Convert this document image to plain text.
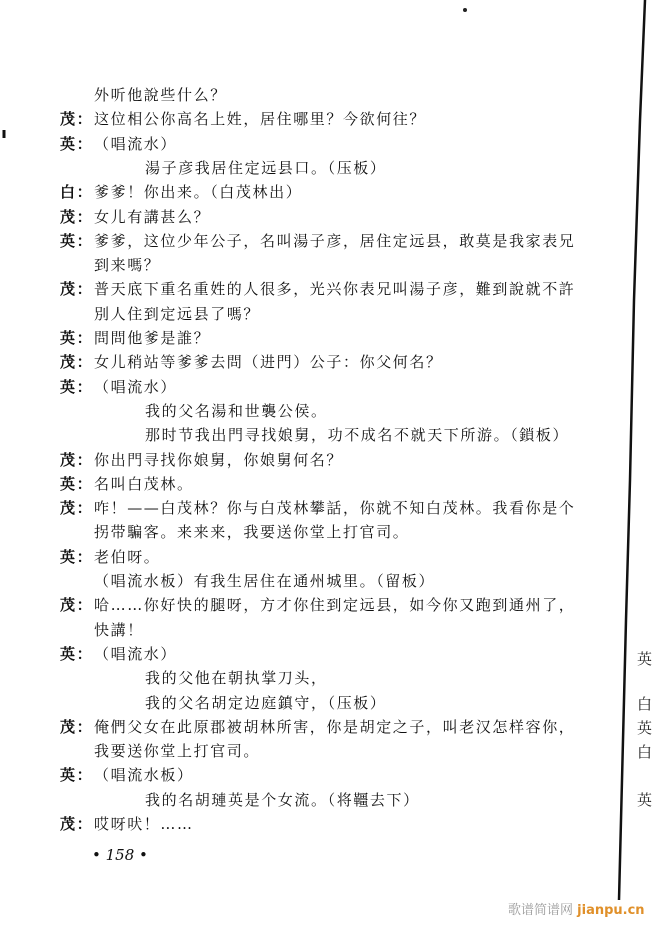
外听他說些什么？
茂： 这位相公你高名上姓，居住哪里？今欲何往？
英： （唱流水）
湯子彦我居住定远县口。（压板）
白： 爹爹！你出来。（白茂林出）
茂： 女儿有講甚么？
英： 爹爹，这位少年公子，名叫湯子彦，居住定远县，敢莫是我家表兄
到来嗎？
茂： 普天底下重名重姓的人很多，光兴你表兄叫湯子彦，難到說就不許
別人住到定远县了嗎？
英： 問問他爹是誰？
茂： 女儿稍站等爹爹去問（进門）公子：你父何名？
英： （唱流水）
我的父名湯和世襲公侯。
那时节我出門寻找娘舅，功不成名不就天下所游。（鎖板）
茂： 你出門寻找你娘舅，你娘舅何名？
英： 名叫白茂林。
茂： 咋！——白茂林？你与白茂林攀話，你就不知白茂林。我看你是个
拐带騙客。来来来，我要送你堂上打官司。
英： 老伯呀。
（唱流水板）有我生居住在通州城里。（留板）
茂： 哈……你好快的腿呀，方才你住到定远县，如今你又跑到通州了，
快講！
英： （唱流水）
我的父他在朝执掌刀头，
我的父名胡定边庭鎮守，（压板）
茂： 俺們父女在此原郡被胡林所害，你是胡定之子，叫老汉怎样容你，
我要送你堂上打官司。
英： （唱流水板）
我的名胡璉英是个女流。（将韁去下）
茂： 哎呀吠！……
• 158 •
英
白
英
白
英
歌谱简谱网 jianpu.cn
